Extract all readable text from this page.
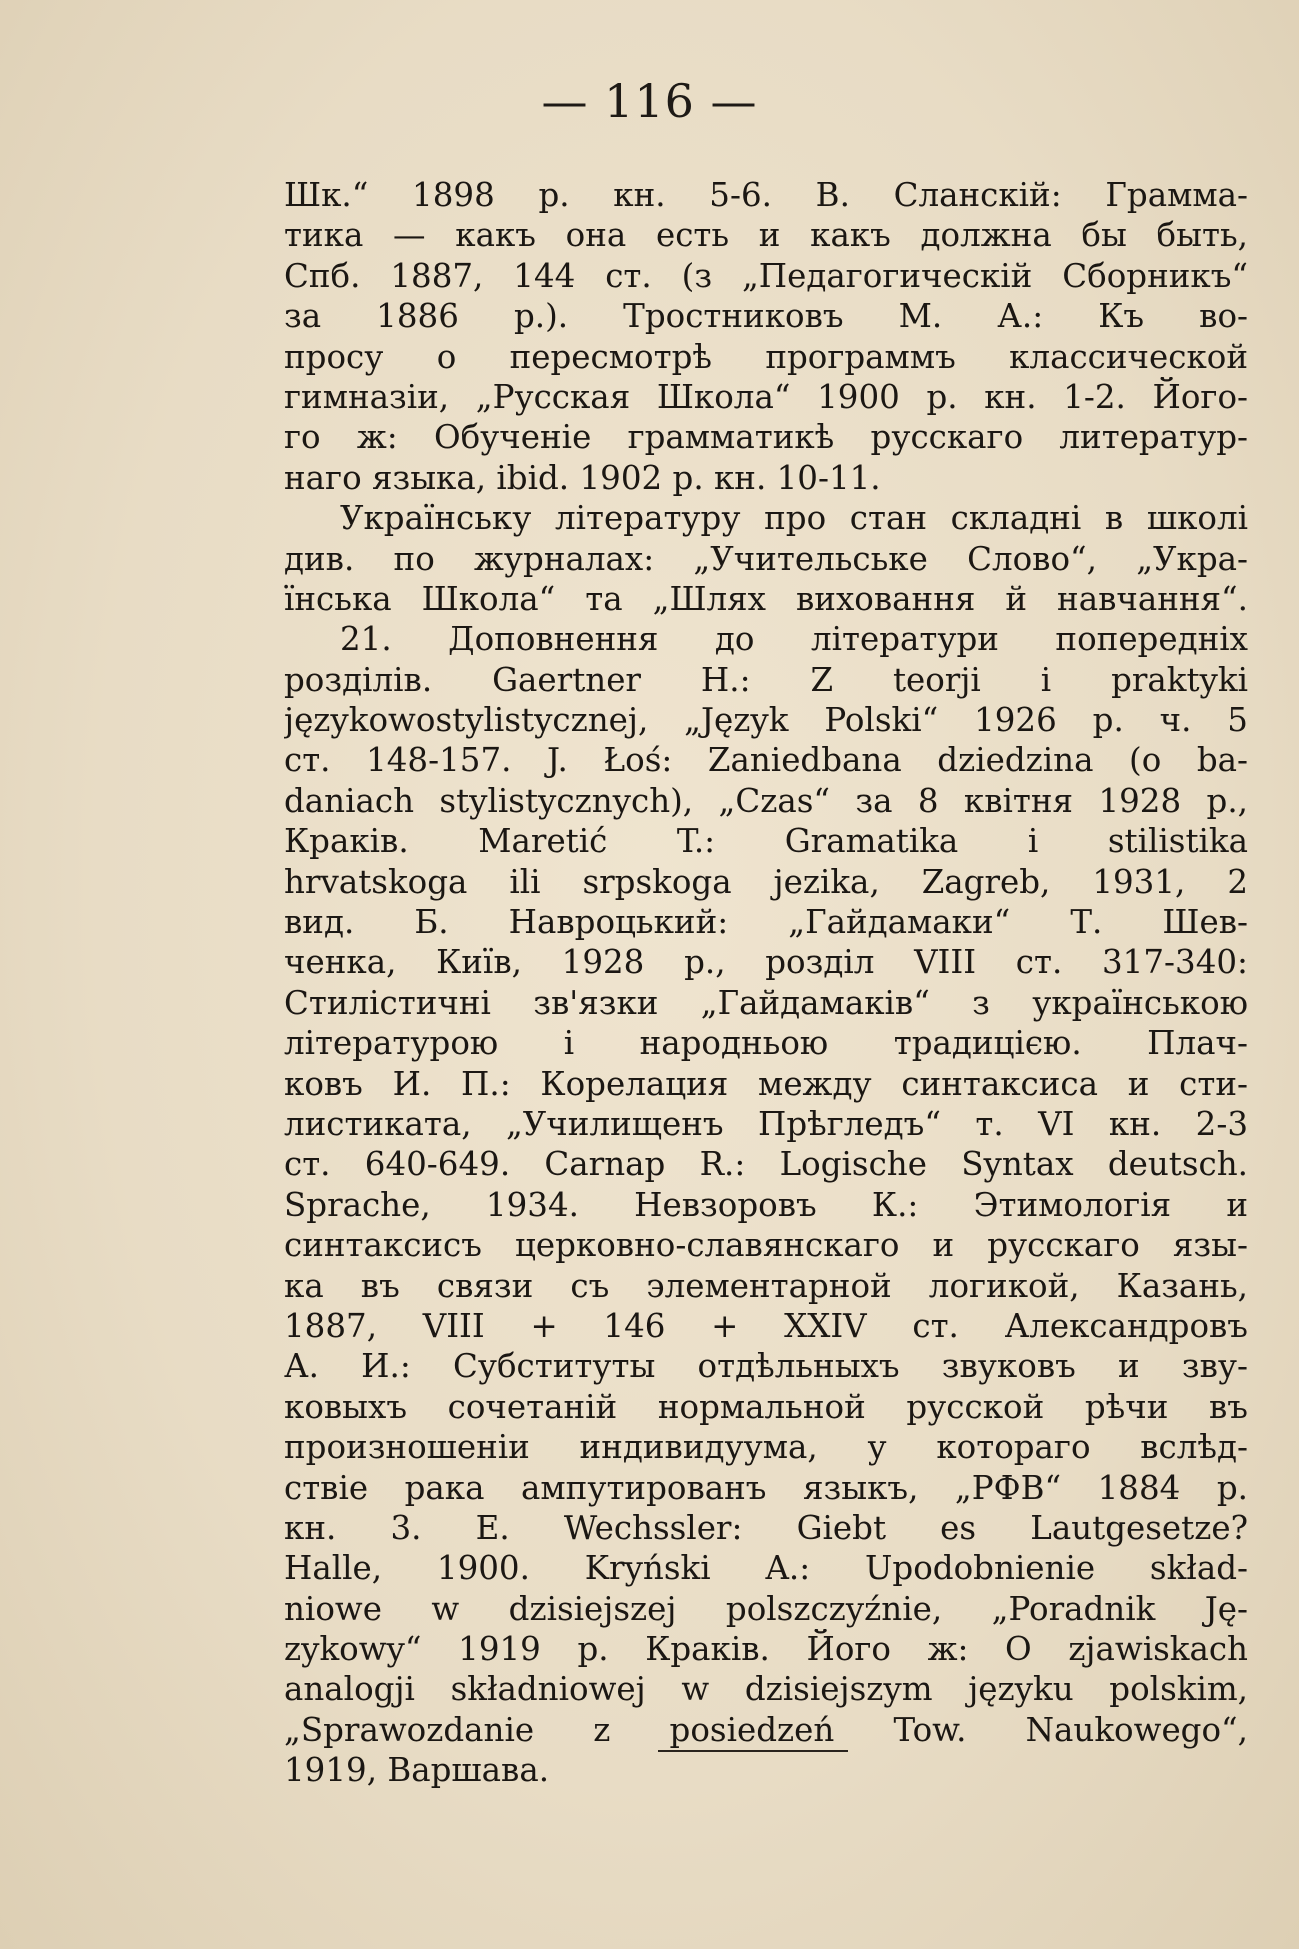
— 116 —
Шк.“ 1898 р. кн. 5-6. В. Сланскій: Грамма-
тика — какъ она есть и какъ должна бы быть,
Спб. 1887, 144 ст. (з „Педагогическій Сборникъ“
за 1886 р.). Тростниковъ М. А.: Къ во-
просу о пересмотрѣ программъ классической
гимназіи, „Русская Школа“ 1900 р. кн. 1-2. Його-
го ж: Обученіе грамматикѣ русскаго литератур-
наго языка, ibid. 1902 р. кн. 10-11.
Українську літературу про стан складні в школі
див. по журналах: „Учительське Слово“, „Укра-
їнська Школа“ та „Шлях виховання й навчання“.
21. Доповнення до літератури попередніх
розділів. Gaertner H.: Z teorji i praktyki
językowostylistycznej, „Język Polski“ 1926 р. ч. 5
ст. 148-157. J. Łoś: Zaniedbana dziedzina (o ba-
daniach stylistycznych), „Czas“ за 8 квітня 1928 р.,
Краків. Maretić T.: Gramatika i stilistika
hrvatskoga ili srpskoga jezika, Zagreb, 1931, 2
вид. Б. Навроцький: „Гайдамаки“ Т. Шев-
ченка, Київ, 1928 р., розділ VIII ст. 317-340:
Стилістичні зв'язки „Гайдамаків“ з українською
літературою і народньою традицією. Плач-
ковъ И. П.: Корелация между синтаксиса и сти-
листиката, „Училищенъ Прѣгледъ“ т. VI кн. 2-3
ст. 640-649. Carnap R.: Logische Syntax deutsch.
Sprache, 1934. Невзоровъ К.: Этимологія и
синтаксисъ церковно-славянскаго и русскаго язы-
ка въ связи съ элементарной логикой, Казань,
1887, VIII + 146 + XXIV ст. Александровъ
А. И.: Субституты отдѣльныхъ звуковъ и зву-
ковыхъ сочетаній нормальной русской рѣчи въ
произношеніи индивидуума, у котораго вслѣд-
ствіе рака ампутированъ языкъ, „РФВ“ 1884 р.
кн. 3. E. Wechssler: Giebt es Lautgesetze?
Halle, 1900. Kryński A.: Upodobnienie skład-
niowe w dzisiejszej polszczyźnie, „Poradnik Ję-
zykowy“ 1919 р. Краків. Його ж: O zjawiskach
analogji składniowej w dzisiejszym języku polskim,
„Sprawozdanie z posiedzeń Tow. Naukowego“,
1919, Варшава.
